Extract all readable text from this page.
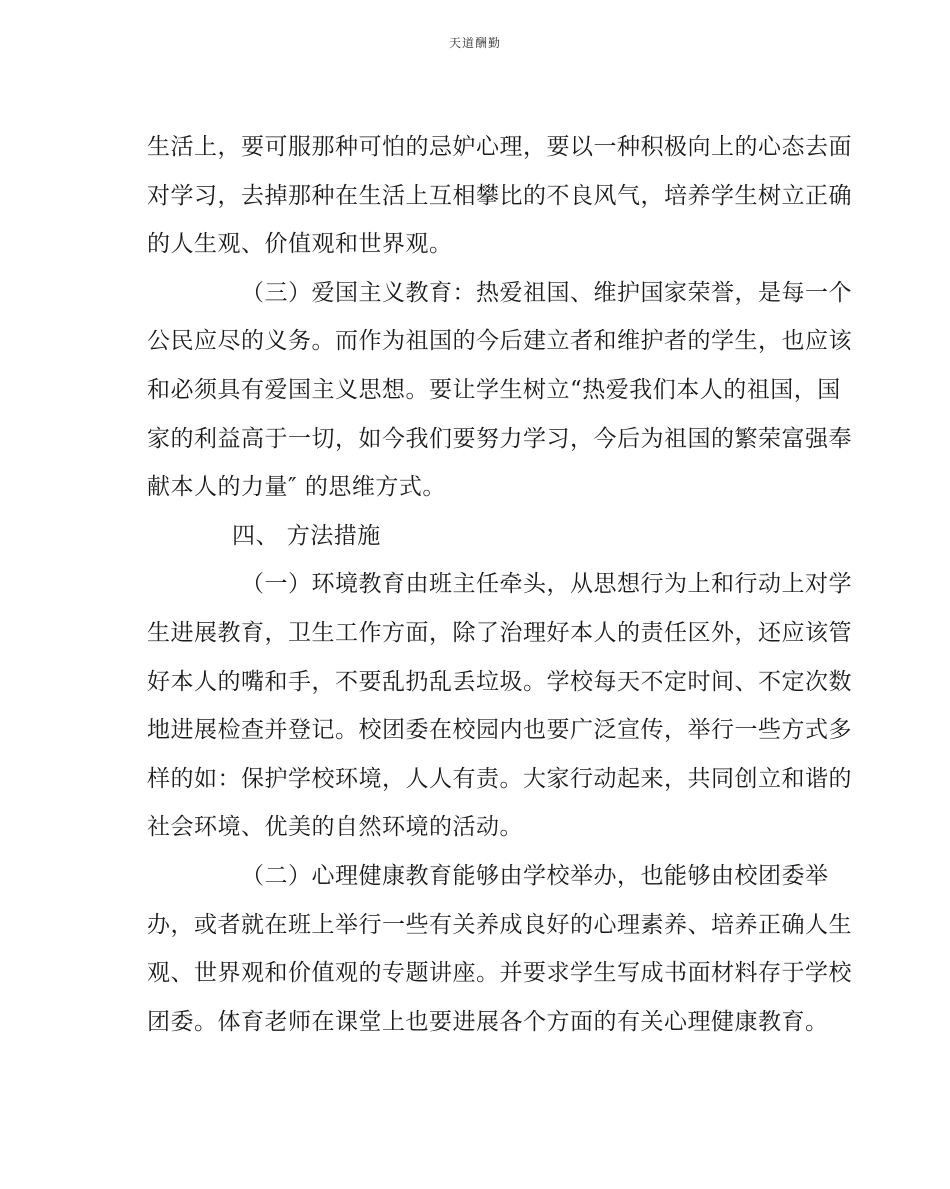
天道酬勤
生活上，要可服那种可怕的忌妒心理，要以一种积极向上的心态去面
对学习，去掉那种在生活上互相攀比的不良风气，培养学生树立正确
的人生观、价值观和世界观。
（三）爱国主义教育：热爱祖国、维护国家荣誉，是每一个
公民应尽的义务。而作为祖国的今后建立者和维护者的学生，也应该
和必须具有爱国主义思想。要让学生树立“热爱我们本人的祖国，国
家的利益高于一切，如今我们要努力学习，今后为祖国的繁荣富强奉
献本人的力量″ 的思维方式。
四、 方法措施
（一）环境教育由班主任牵头，从思想行为上和行动上对学
生进展教育，卫生工作方面，除了治理好本人的责任区外，还应该管
好本人的嘴和手，不要乱扔乱丢垃圾。学校每天不定时间、不定次数
地进展检查并登记。校团委在校园内也要广泛宣传，举行一些方式多
样的如：保护学校环境，人人有责。大家行动起来，共同创立和谐的
社会环境、优美的自然环境的活动。
（二）心理健康教育能够由学校举办，也能够由校团委举
办，或者就在班上举行一些有关养成良好的心理素养、培养正确人生
观、世界观和价值观的专题讲座。并要求学生写成书面材料存于学校
团委。体育老师在课堂上也要进展各个方面的有关心理健康教育。
